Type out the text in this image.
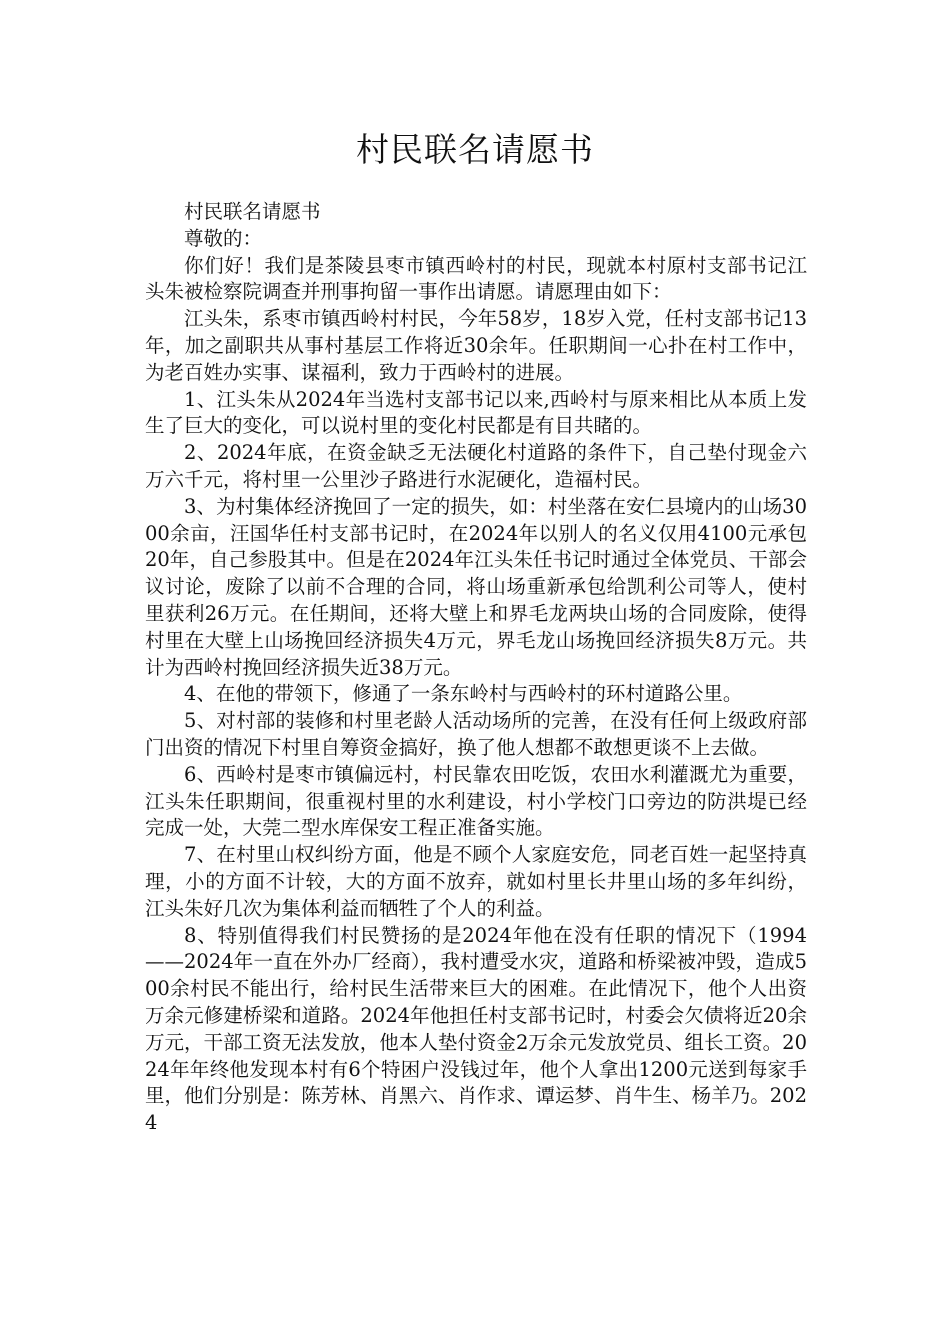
村民联名请愿书

村民联名请愿书

尊敬的：

你们好！我们是茶陵县枣市镇西岭村的村民，现就本村原村支部书记江头朱被检察院调查并刑事拘留一事作出请愿。请愿理由如下：

江头朱，系枣市镇西岭村村民，今年58岁，18岁入党，任村支部书记13年，加之副职共从事村基层工作将近30余年。任职期间一心扑在村工作中，为老百姓办实事、谋福利，致力于西岭村的进展。

1、江头朱从2024年当选村支部书记以来,西岭村与原来相比从本质上发生了巨大的变化，可以说村里的变化村民都是有目共睹的。

2、2024年底，在资金缺乏无法硬化村道路的条件下，自己垫付现金六万六千元，将村里一公里沙子路进行水泥硬化，造福村民。

3、为村集体经济挽回了一定的损失，如：村坐落在安仁县境内的山场3000余亩，汪国华任村支部书记时，在2024年以别人的名义仅用4100元承包20年，自己参股其中。但是在2024年江头朱任书记时通过全体党员、干部会议讨论，废除了以前不合理的合同，将山场重新承包给凯利公司等人，使村里获利26万元。在任期间，还将大壁上和界毛龙两块山场的合同废除，使得村里在大壁上山场挽回经济损失4万元，界毛龙山场挽回经济损失8万元。共计为西岭村挽回经济损失近38万元。

4、在他的带领下，修通了一条东岭村与西岭村的环村道路公里。

5、对村部的装修和村里老龄人活动场所的完善，在没有任何上级政府部门出资的情况下村里自筹资金搞好，换了他人想都不敢想更谈不上去做。

6、西岭村是枣市镇偏远村，村民靠农田吃饭，农田水利灌溉尤为重要，江头朱任职期间，很重视村里的水利建设，村小学校门口旁边的防洪堤已经完成一处，大莞二型水库保安工程正准备实施。

7、在村里山权纠纷方面，他是不顾个人家庭安危，同老百姓一起坚持真理，小的方面不计较，大的方面不放弃，就如村里长井里山场的多年纠纷，江头朱好几次为集体利益而牺牲了个人的利益。

8、特别值得我们村民赞扬的是2024年他在没有任职的情况下（1994——2024年一直在外办厂经商），我村遭受水灾，道路和桥梁被冲毁，造成500余村民不能出行，给村民生活带来巨大的困难。在此情况下，他个人出资万余元修建桥梁和道路。2024年他担任村支部书记时，村委会欠债将近20余万元，干部工资无法发放，他本人垫付资金2万余元发放党员、组长工资。2024年年终他发现本村有6个特困户没钱过年，他个人拿出1200元送到每家手里，他们分别是：陈芳林、肖黑六、肖作求、谭运梦、肖牛生、杨羊乃。2024
